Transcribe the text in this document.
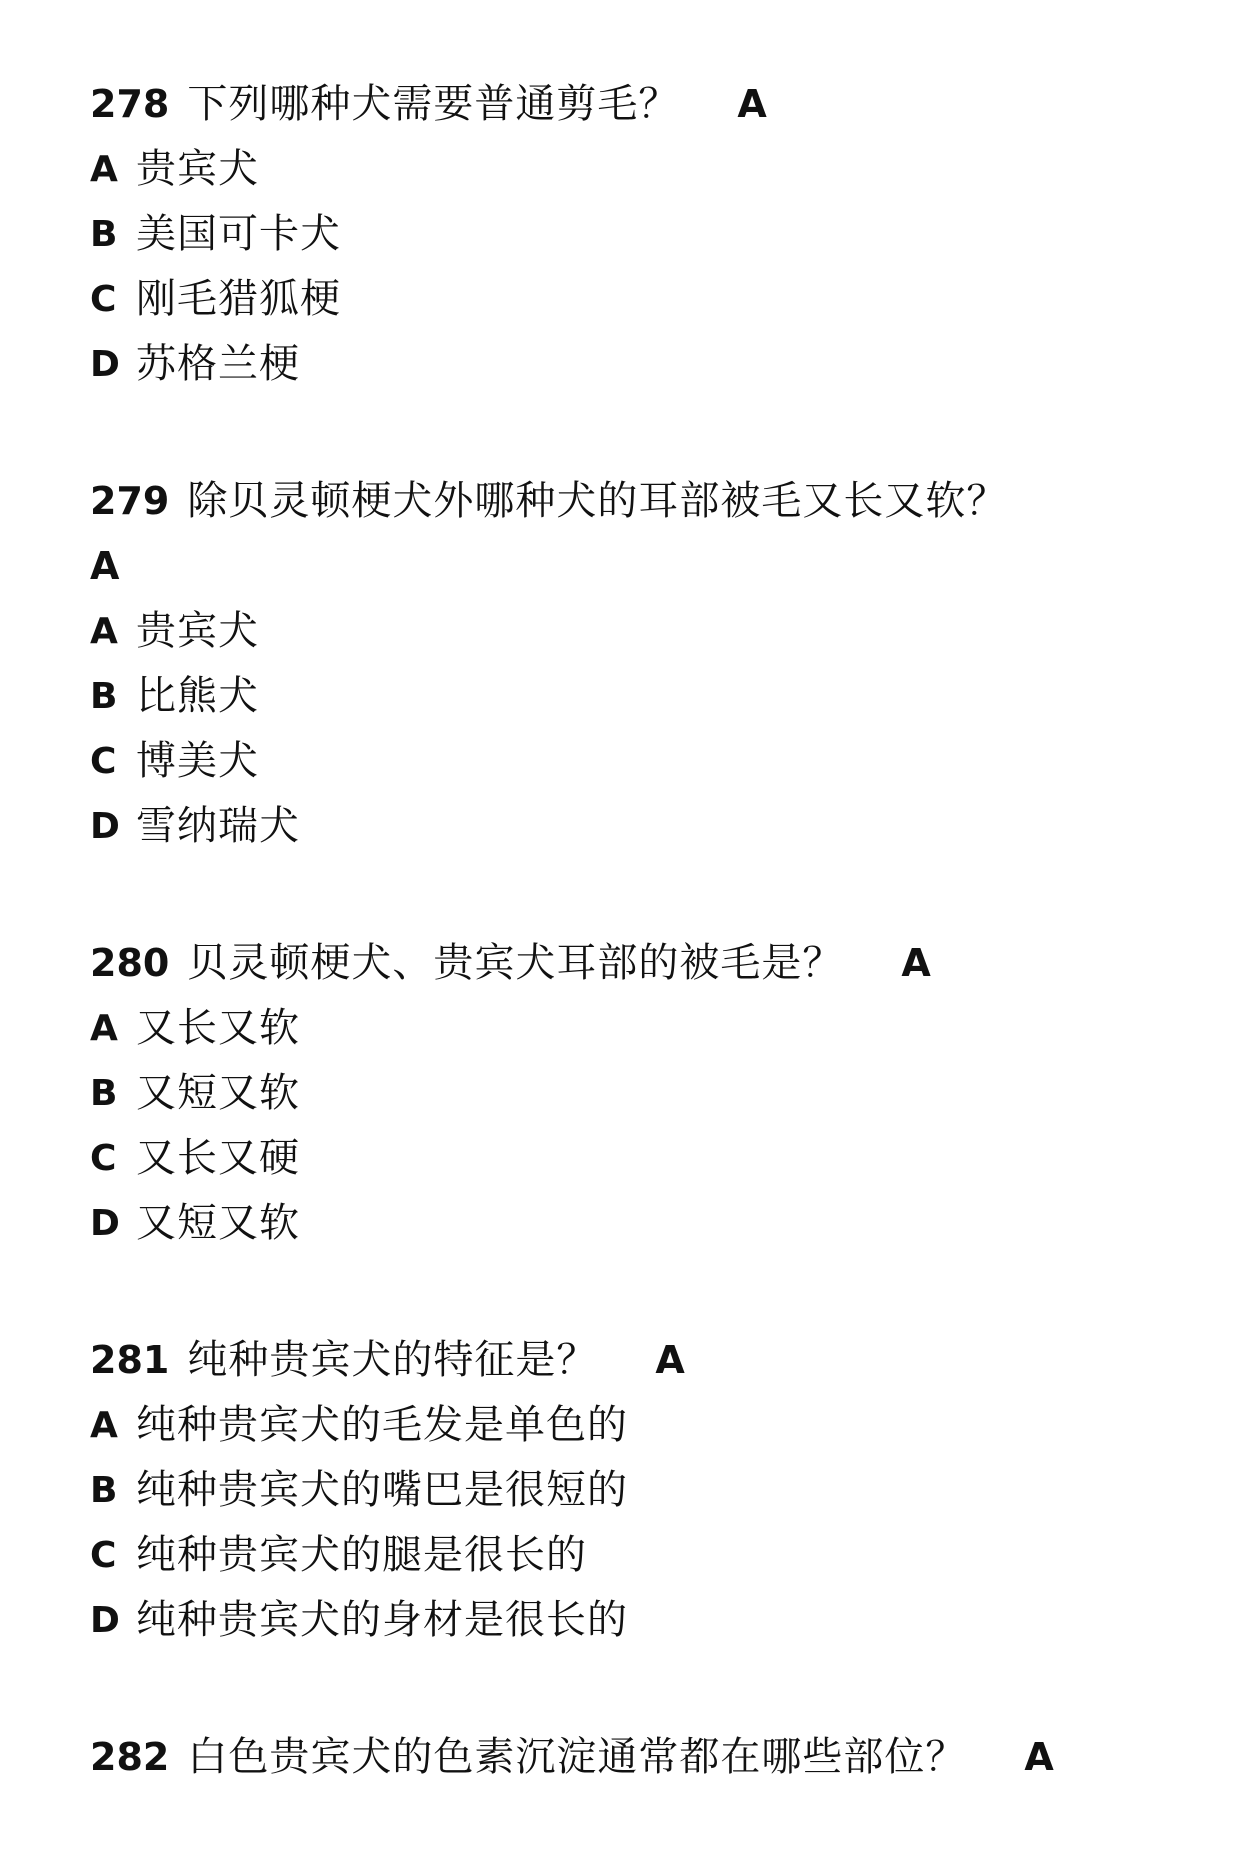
278 下列哪种犬需要普通剪毛？ A
A 贵宾犬
B 美国可卡犬
C 刚毛猎狐梗
D 苏格兰梗
279 除贝灵顿梗犬外哪种犬的耳部被毛又长又软？
A
A 贵宾犬
B 比熊犬
C 博美犬
D 雪纳瑞犬
280 贝灵顿梗犬、贵宾犬耳部的被毛是？ A
A 又长又软
B 又短又软
C 又长又硬
D 又短又软
281 纯种贵宾犬的特征是？ A
A 纯种贵宾犬的毛发是单色的
B 纯种贵宾犬的嘴巴是很短的
C 纯种贵宾犬的腿是很长的
D 纯种贵宾犬的身材是很长的
282 白色贵宾犬的色素沉淀通常都在哪些部位？ A
